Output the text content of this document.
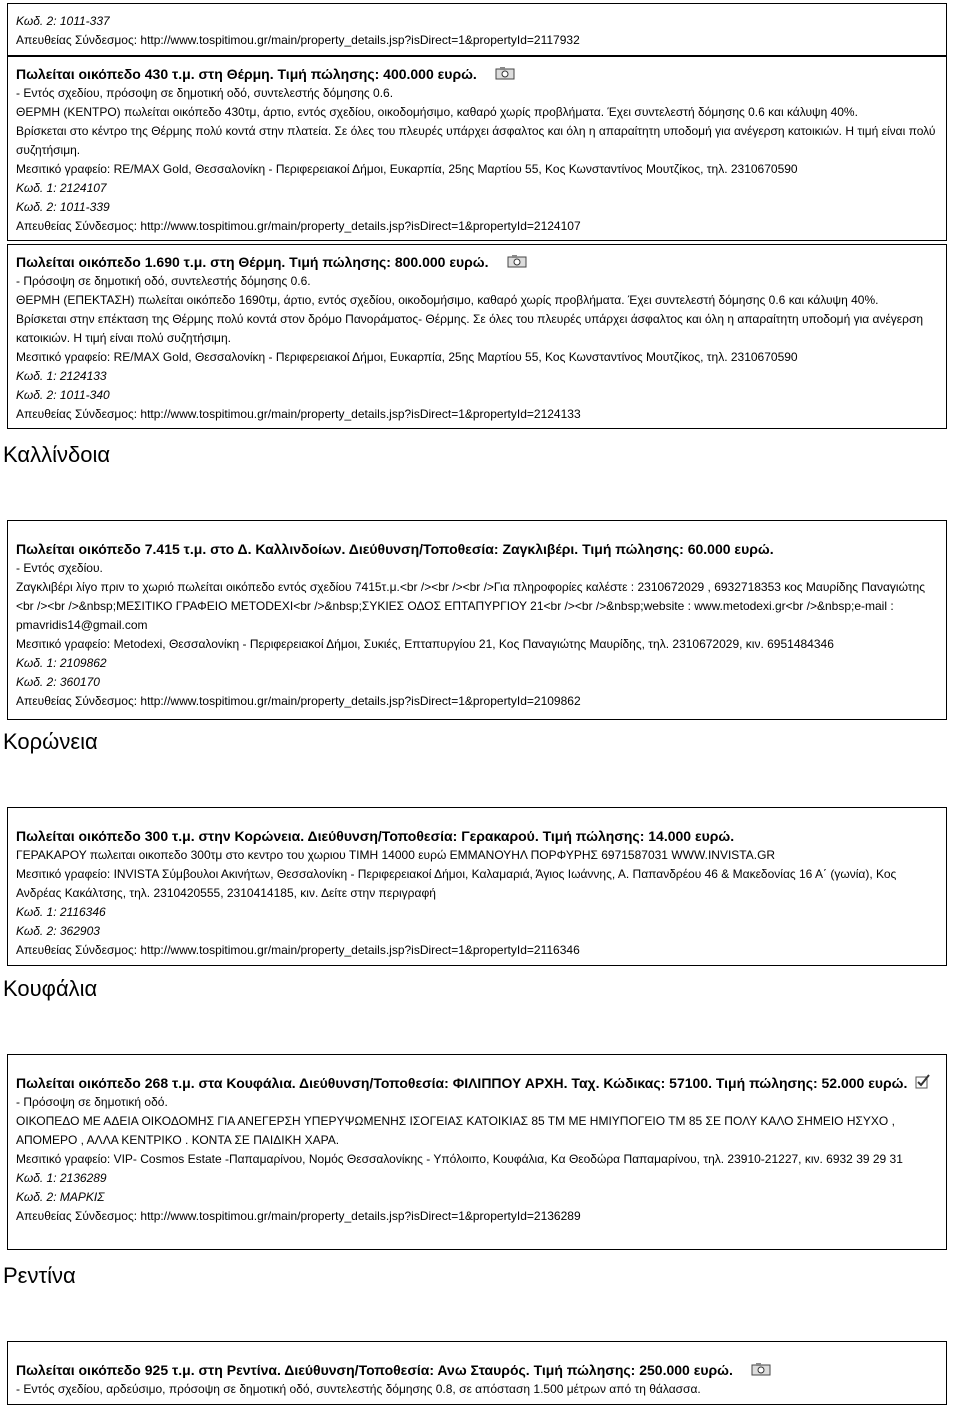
Κωδ. 2: 1011-337
Απευθείας Σύνδεσμος: http://www.tospitimou.gr/main/property_details.jsp?isDirect=1&propertyId=2117932
Πωλείται οικόπεδο 430 τ.μ. στη Θέρμη. Τιμή πώλησης: 400.000 ευρώ.
- Εντός σχεδίου, πρόσοψη σε δημοτική οδό, συντελεστής δόμησης 0.6.
ΘΕΡΜΗ (ΚΕΝΤΡΟ) πωλείται οικόπεδο 430τμ, άρτιο, εντός σχεδίου, οικοδομήσιμο, καθαρό χωρίς προβλήματα. Έχει συντελεστή δόμησης 0.6 και κάλυψη 40%.
Βρίσκεται στο κέντρο της Θέρμης πολύ κοντά στην πλατεία. Σε όλες του πλευρές υπάρχει άσφαλτος και όλη η απαραίτητη υποδομή για ανέγερση κατοικιών. Η τιμή είναι πολύ συζητήσιμη.
Μεσιτικό γραφείο: RE/MAX Gold, Θεσσαλονίκη - Περιφερειακοί Δήμοι, Ευκαρπία, 25ης Μαρτίου 55, Κος Κωνσταντίνος Μουτζίκος, τηλ. 2310670590
Κωδ. 1: 2124107
Κωδ. 2: 1011-339
Απευθείας Σύνδεσμος: http://www.tospitimou.gr/main/property_details.jsp?isDirect=1&propertyId=2124107
Πωλείται οικόπεδο 1.690 τ.μ. στη Θέρμη. Τιμή πώλησης: 800.000 ευρώ.
- Πρόσοψη σε δημοτική οδό, συντελεστής δόμησης 0.6.
ΘΕΡΜΗ (ΕΠΕΚΤΑΣΗ) πωλείται οικόπεδο 1690τμ, άρτιο, εντός σχεδίου, οικοδομήσιμο, καθαρό χωρίς προβλήματα. Έχει συντελεστή δόμησης 0.6 και κάλυψη 40%.
Βρίσκεται στην επέκταση της Θέρμης πολύ κοντά στον δρόμο Πανοράματος- Θέρμης. Σε όλες του πλευρές υπάρχει άσφαλτος και όλη η απαραίτητη υποδομή για ανέγερση κατοικιών. Η τιμή είναι πολύ συζητήσιμη.
Μεσιτικό γραφείο: RE/MAX Gold, Θεσσαλονίκη - Περιφερειακοί Δήμοι, Ευκαρπία, 25ης Μαρτίου 55, Κος Κωνσταντίνος Μουτζίκος, τηλ. 2310670590
Κωδ. 1: 2124133
Κωδ. 2: 1011-340
Απευθείας Σύνδεσμος: http://www.tospitimou.gr/main/property_details.jsp?isDirect=1&propertyId=2124133
Καλλίνδοια
Πωλείται οικόπεδο 7.415 τ.μ. στο Δ. Καλλινδοίων. Διεύθυνση/Τοποθεσία: Ζαγκλιβέρι. Τιμή πώλησης: 60.000 ευρώ.
- Εντός σχεδίου.
Ζαγκλιβέρι λίγο πριν το χωριό πωλείται οικόπεδο εντός σχεδίου 7415τ.μ.<br /><br /><br />Για πληροφορίες καλέστε : 2310672029 , 6932718353 κος Μαυρίδης Παναγιώτης <br /><br />&nbsp;ΜΕΣΙΤΙΚΟ ΓΡΑΦΕΙΟ METODEXI<br />&nbsp;ΣΥΚΙΕΣ ΟΔΟΣ ΕΠΤΑΠΥΡΓΙΟΥ 21<br /><br />&nbsp;website : www.metodexi.gr<br />&nbsp;e-mail : pmavridis14@gmail.com
Μεσιτικό γραφείο: Metodexi, Θεσσαλονίκη - Περιφερειακοί Δήμοι, Συκιές, Επταπυργίου 21, Κος Παναγιώτης Μαυρίδης, τηλ. 2310672029, κιν. 6951484346
Κωδ. 1: 2109862
Κωδ. 2: 360170
Απευθείας Σύνδεσμος: http://www.tospitimou.gr/main/property_details.jsp?isDirect=1&propertyId=2109862
Κορώνεια
Πωλείται οικόπεδο 300 τ.μ. στην Κορώνεια. Διεύθυνση/Τοποθεσία: Γερακαρού. Τιμή πώλησης: 14.000 ευρώ.
ΓΕΡΑΚΑΡΟΥ πωλειται οικοπεδο 300τμ στο κεντρο του χωριου ΤΙΜΗ 14000 ευρώ ΕΜΜΑΝΟΥΗΛ ΠΟΡΦΥΡΗΣ 6971587031 WWW.INVISTA.GR
Μεσιτικό γραφείο: INVISTA Σύμβουλοι Ακινήτων, Θεσσαλονίκη - Περιφερειακοί Δήμοι, Καλαμαριά, Άγιος Ιωάννης, Α. Παπανδρέου 46 & Μακεδονίας 16 Α΄ (γωνία), Κος Ανδρέας Κακάλτσης, τηλ. 2310420555, 2310414185, κιν. Δείτε στην περιγραφή
Κωδ. 1: 2116346
Κωδ. 2: 362903
Απευθείας Σύνδεσμος: http://www.tospitimou.gr/main/property_details.jsp?isDirect=1&propertyId=2116346
Κουφάλια
Πωλείται οικόπεδο 268 τ.μ. στα Κουφάλια. Διεύθυνση/Τοποθεσία: ΦΙΛΙΠΠΟΥ ΑΡΧΗ. Ταχ. Κώδικας: 57100. Τιμή πώλησης: 52.000 ευρώ.
- Πρόσοψη σε δημοτική οδό.
ΟΙΚΟΠΕΔΟ ΜΕ ΑΔΕΙΑ ΟΙΚΟΔΟΜΗΣ ΓΙΑ ΑΝΕΓΕΡΣΗ ΥΠΕΡΥΨΩΜΕΝΗΣ ΙΣΟΓΕΙΑΣ ΚΑΤΟΙΚΙΑΣ 85 ΤΜ ΜΕ ΗΜΙΥΠΟΓΕΙΟ ΤΜ 85 ΣΕ ΠΟΛΥ ΚΑΛΟ ΣΗΜΕΙΟ ΗΣΥΧΟ , ΑΠΟΜΕΡΟ , ΑΛΛΑ ΚΕΝΤΡΙΚΟ . ΚΟΝΤΑ ΣΕ ΠΑΙΔΙΚΗ ΧΑΡΑ.
Μεσιτικό γραφείο: VIP- Cosmos Estate -Παπαμαρίνου, Νομός Θεσσαλονίκης - Υπόλοιπο, Κουφάλια, Κα Θεοδώρα Παπαμαρίνου, τηλ. 23910-21227, κιν. 6932 39 29 31
Κωδ. 1: 2136289
Κωδ. 2: ΜΑΡΚΙΣ
Απευθείας Σύνδεσμος: http://www.tospitimou.gr/main/property_details.jsp?isDirect=1&propertyId=2136289
Ρεντίνα
Πωλείται οικόπεδο 925 τ.μ. στη Ρεντίνα. Διεύθυνση/Τοποθεσία: Ανω Σταυρός. Τιμή πώλησης: 250.000 ευρώ.
- Εντός σχεδίου, αρδεύσιμο, πρόσοψη σε δημοτική οδό, συντελεστής δόμησης 0.8, σε απόσταση 1.500 μέτρων από τη θάλασσα.
